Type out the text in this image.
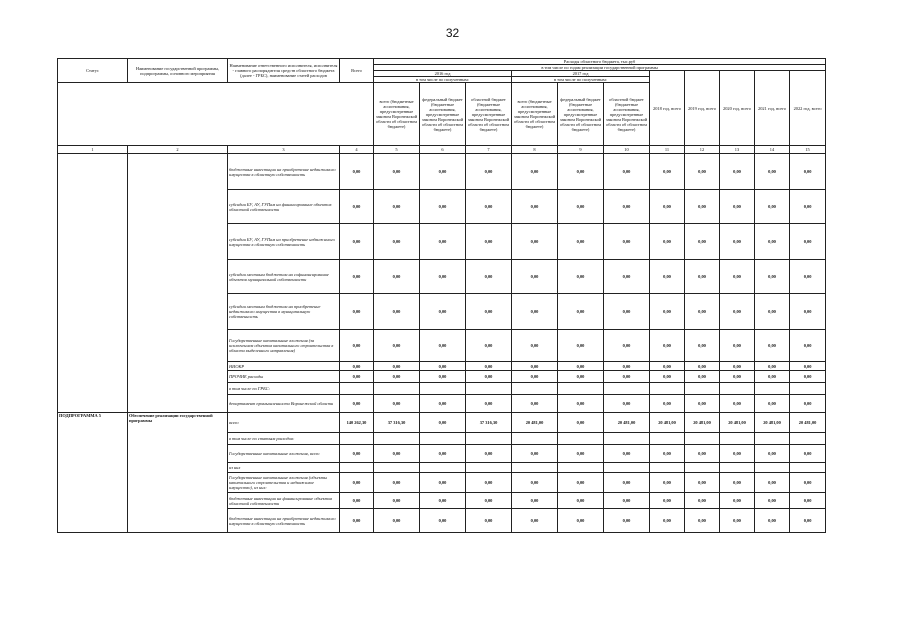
32
Статус	Наименование государственной программы, подпрограммы, основного мероприятия	Наименование ответственного исполнителя, исполнителя - главного распорядителя средств областного бюджета (далее - ГРБС), наименование статей расходов	Всего	Расходы областного бюджета, тыс.руб										
				в том числе по годам реализации государственной программы										
				2016 год			2017 год			2018 год, всего	2019 год, всего	2020 год, всего	2021 год, всего	2022 год, всего
				в том числе по полученным:			в том числе по полученным:							
				всего (бюджетные ассигнования, предусмотренные законом Воронежской области об областном бюджете)	федеральный бюджет (бюджетные ассигнования, предусмотренные законом Воронежской области об областном бюджете)	областной бюджет (бюджетные ассигнования, предусмотренные законом Воронежской области об областном бюджете)	всего (бюджетные ассигнования, предусмотренные законом Воронежской области об областном бюджете)	федеральный бюджет (бюджетные ассигнования, предусмотренные законом Воронежской области об областном бюджете)	областной бюджет (бюджетные ассигнования, предусмотренные законом Воронежской области об областном бюджете)					
1	2	3	4	5	6	7	8	9	10	11	12	13	14	15
		бюджетные инвестиции на приобретение недвижимого имущества в областную собственность	0,00	0,00	0,00	0,00	0,00	0,00	0,00	0,00	0,00	0,00	0,00	0,00
		субсидии БУ, АУ, ГУПам на финансирование объектов областной собственности	0,00	0,00	0,00	0,00	0,00	0,00	0,00	0,00	0,00	0,00	0,00	0,00
		субсидии БУ, АУ, ГУПам на приобретение недвижимого имущества в областную собственность	0,00	0,00	0,00	0,00	0,00	0,00	0,00	0,00	0,00	0,00	0,00	0,00
		субсидии местным бюджетам на софинансирование объектов муниципальной собственности	0,00	0,00	0,00	0,00	0,00	0,00	0,00	0,00	0,00	0,00	0,00	0,00
		субсидии местным бюджетам на приобретение недвижимого имущества в муниципальную собственность	0,00	0,00	0,00	0,00	0,00	0,00	0,00	0,00	0,00	0,00	0,00	0,00
		Государственные капитальные вложения (за исключением объектов капитального строительства в области выделенного направления)	0,00	0,00	0,00	0,00	0,00	0,00	0,00	0,00	0,00	0,00	0,00	0,00
		НИОКР	0,00	0,00	0,00	0,00	0,00	0,00	0,00	0,00	0,00	0,00	0,00	0,00
		ПРОЧИЕ расходы	0,00	0,00	0,00	0,00	0,00	0,00	0,00	0,00	0,00	0,00	0,00	0,00
		в том числе по ГРБС:												
		департамент промышленности Воронежской области	0,00	0,00	0,00	0,00	0,00	0,00	0,00	0,00	0,00	0,00	0,00	0,00
ПОДПРОГРАММА 5	Обеспечение реализации государственной программы	всего	140 262,30	37 316,30	0,00	37 316,30	20 481,00	0,00	20 481,00	20 481,00	20 481,00	20 481,00	20 481,00	20 481,00
		в том числе по статьям расходов:												
		Государственные капитальные вложения, всего	0,00	0,00	0,00	0,00	0,00	0,00	0,00	0,00	0,00	0,00	0,00	0,00
		из них												
		Государственные капитальные вложения (объекты капитального строительства и недвижимое имущество), из них:	0,00	0,00	0,00	0,00	0,00	0,00	0,00	0,00	0,00	0,00	0,00	0,00
		бюджетные инвестиции на финансирование объектов областной собственности	0,00	0,00	0,00	0,00	0,00	0,00	0,00	0,00	0,00	0,00	0,00	0,00
		бюджетные инвестиции на приобретение недвижимого имущества в областную собственность	0,00	0,00	0,00	0,00	0,00	0,00	0,00	0,00	0,00	0,00	0,00	0,00
